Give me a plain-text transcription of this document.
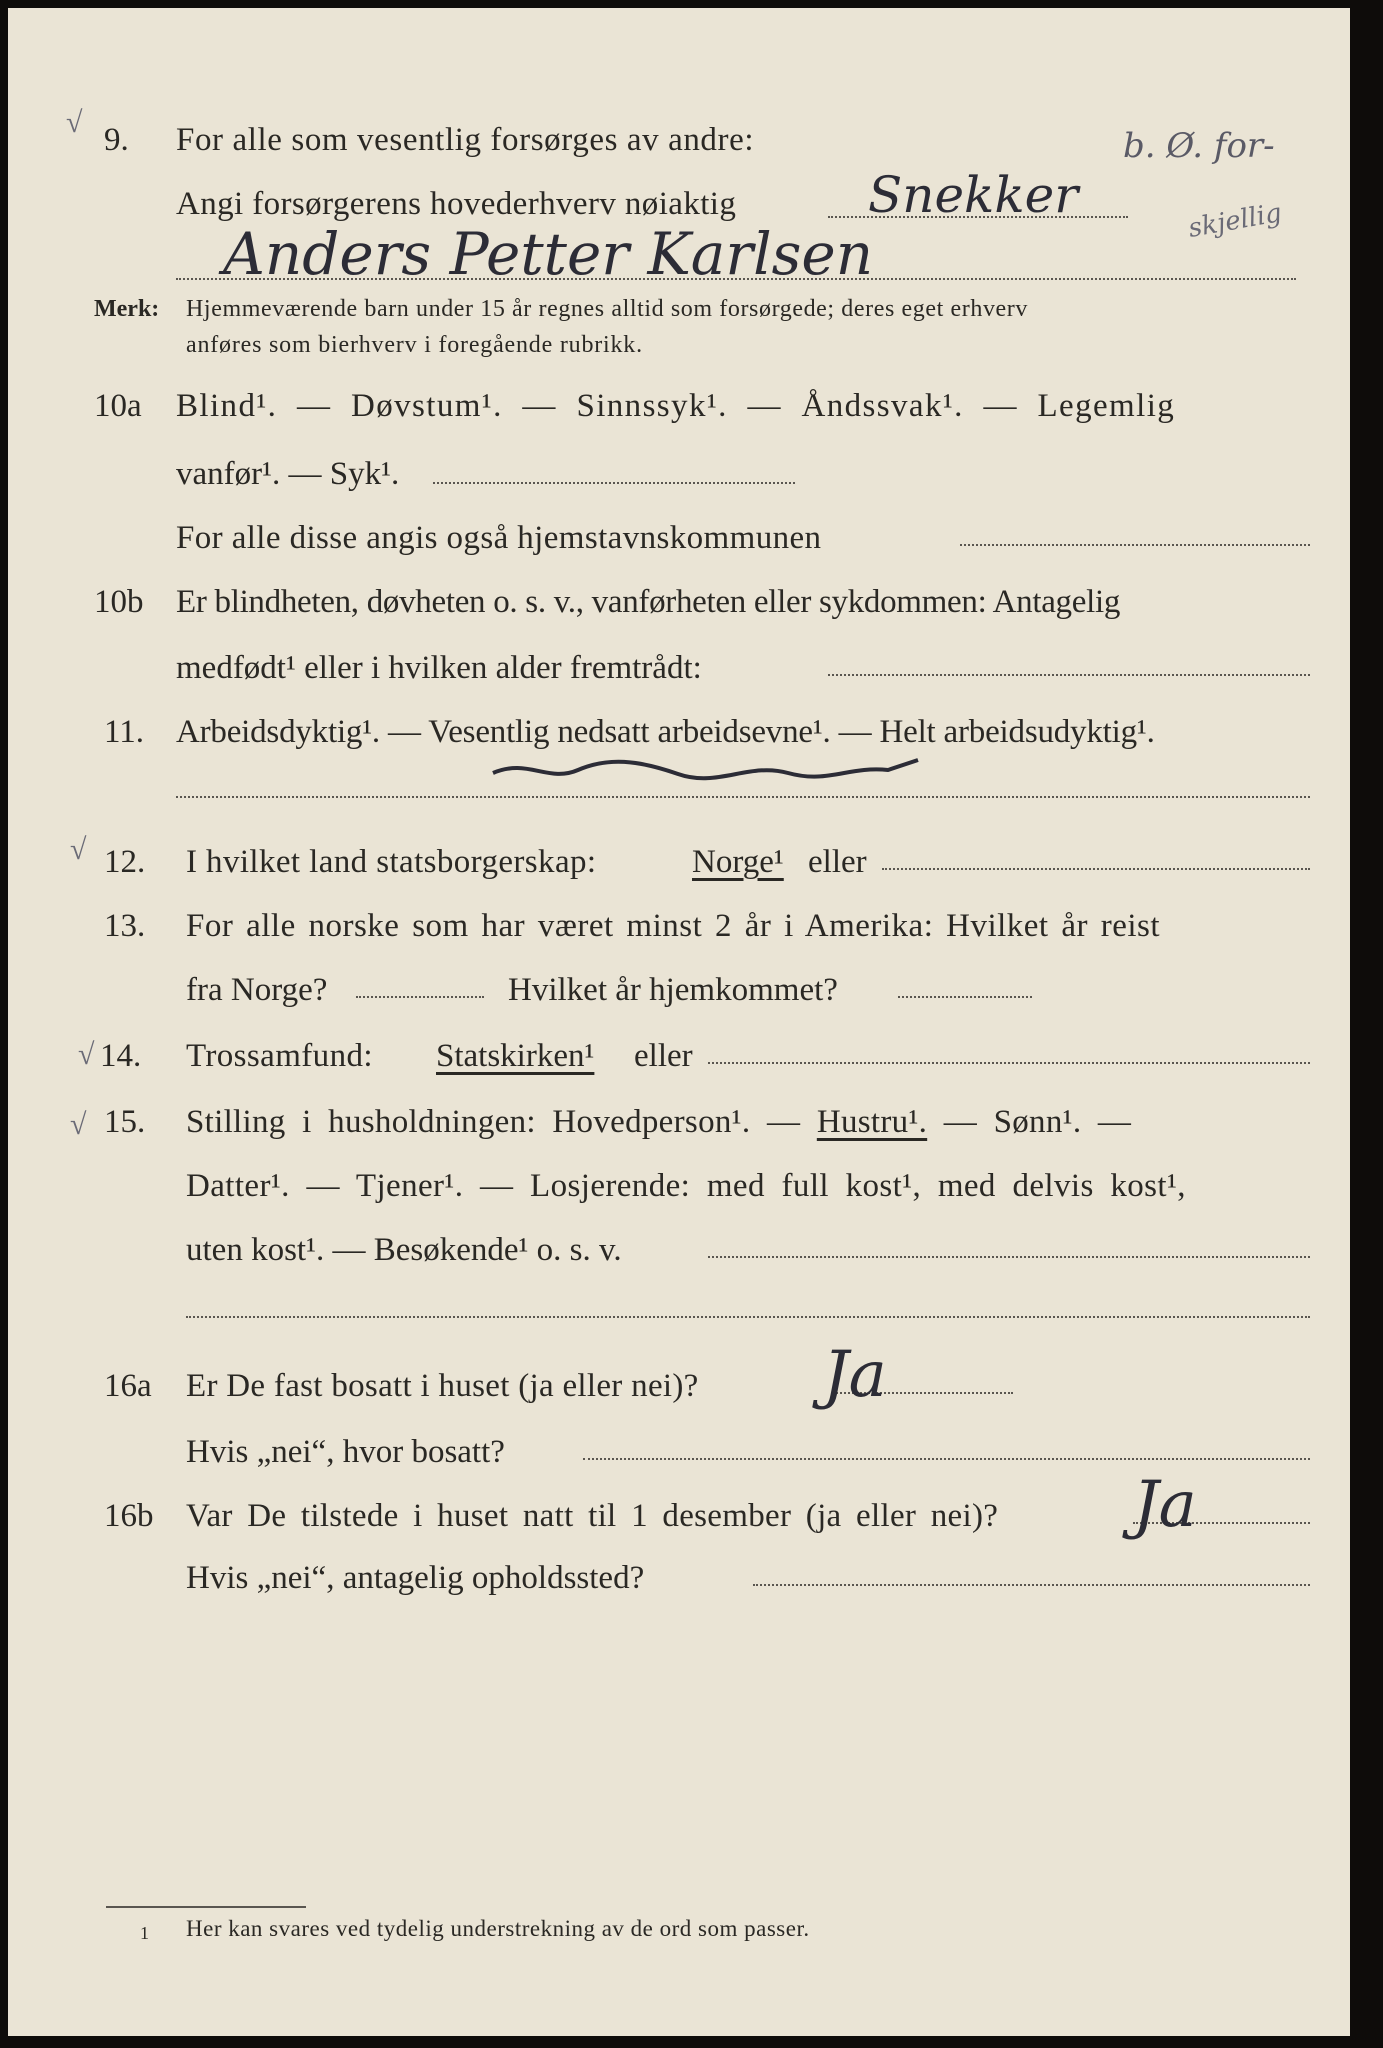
√
√
√
√
9. For alle som vesentlig forsørges av andre:
Angi forsørgerens hovederhverv nøiaktig	Snekker
b. Ø. for-
skjellig
Anders Petter Karlsen
Merk: Hjemmeværende barn under 15 år regnes alltid som forsørgede; deres eget erhverv
anføres som bierhverv i foregående rubrikk.
10a Blind¹. — Døvstum¹. — Sinnssyk¹. — Åndssvak¹. — Legemlig
vanfør¹. — Syk¹.
For alle disse angis også hjemstavnskommunen
10b Er blindheten, døvheten o. s. v., vanførheten eller sykdommen: Antagelig
medfødt¹ eller i hvilken alder fremtrådt:
11. Arbeidsdyktig¹. — Vesentlig nedsatt arbeidsevne¹. — Helt arbeidsudyktig¹.
12. I hvilket land statsborgerskap:	Norge¹ eller
13. For alle norske som har været minst 2 år i Amerika: Hvilket år reist
fra Norge?	Hvilket år hjemkommet?
14. Trossamfund: Statskirken¹ eller
15. Stilling i husholdningen: Hovedperson¹. — Hustru¹. — Sønn¹. —
Datter¹. — Tjener¹. — Losjerende: med full kost¹, med delvis kost¹,
uten kost¹. — Besøkende¹ o. s. v.
16a Er De fast bosatt i huset (ja eller nei)? Ja
Hvis „nei“, hvor bosatt?
16b Var De tilstede i huset natt til 1 desember (ja eller nei)? Ja
Hvis „nei“, antagelig opholdssted?
1 Her kan svares ved tydelig understrekning av de ord som passer.
